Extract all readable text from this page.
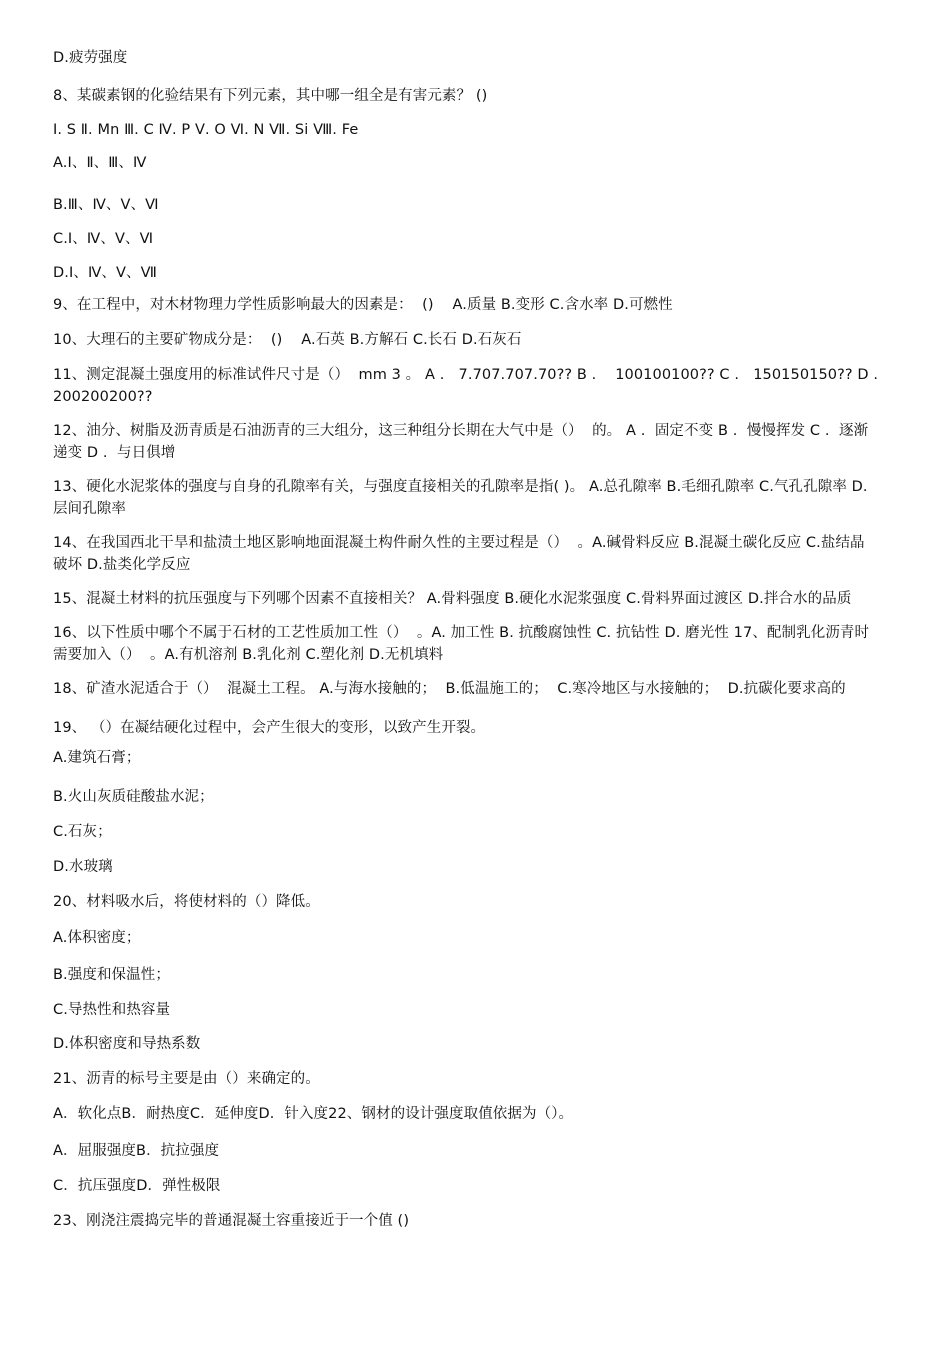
D.疲劳强度
8、某碳素钢的化验结果有下列元素，其中哪一组全是有害元素？ ()
Ⅰ. S Ⅱ. Mn Ⅲ. C Ⅳ. P Ⅴ. O Ⅵ. N Ⅶ. Si Ⅷ. Fe
A.Ⅰ、Ⅱ、Ⅲ、Ⅳ
B.Ⅲ、Ⅳ、Ⅴ、Ⅵ
C.Ⅰ、Ⅳ、Ⅴ、Ⅵ
D.Ⅰ、Ⅳ、Ⅴ、Ⅶ
9、在工程中，对木材物理力学性质影响最大的因素是：  ()    A.质量 B.变形 C.含水率 D.可燃性
10、大理石的主要矿物成分是：  ()    A.石英 B.方解石 C.长石 D.石灰石
11、测定混凝土强度用的标准试件尺寸是（）  mm 3 。 A .   7.707.707.70?? B .    100100100?? C .   150150150?? D .
200200200??
12、油分、树脂及沥青质是石油沥青的三大组分，这三种组分长期在大气中是（）  的。 A .  固定不变 B .  慢慢挥发 C .  逐渐
递变 D .  与日俱增
13、硬化水泥浆体的强度与自身的孔隙率有关，与强度直接相关的孔隙率是指( )。 A.总孔隙率 B.毛细孔隙率 C.气孔孔隙率 D.
层间孔隙率
14、在我国西北干旱和盐渍土地区影响地面混凝土构件耐久性的主要过程是（）  。A.碱骨料反应 B.混凝土碳化反应 C.盐结晶
破坏 D.盐类化学反应
15、混凝土材料的抗压强度与下列哪个因素不直接相关？ A.骨料强度 B.硬化水泥浆强度 C.骨料界面过渡区 D.拌合水的品质
16、以下性质中哪个不属于石材的工艺性质加工性（）  。A. 加工性 B. 抗酸腐蚀性 C. 抗钻性 D. 磨光性 17、配制乳化沥青时
需要加入（）  。A.有机溶剂 B.乳化剂 C.塑化剂 D.无机填料
18、矿渣水泥适合于（）  混凝土工程。 A.与海水接触的；  B.低温施工的；  C.寒冷地区与水接触的；  D.抗碳化要求高的
19、 （）在凝结硬化过程中，会产生很大的变形，以致产生开裂。
A.建筑石膏；
B.火山灰质硅酸盐水泥；
C.石灰；
D.水玻璃
20、材料吸水后，将使材料的（）降低。
A.体积密度；
B.强度和保温性；
C.导热性和热容量
D.体积密度和导热系数
21、沥青的标号主要是由（）来确定的。
A．软化点B．耐热度C．延伸度D．针入度22、钢材的设计强度取值依据为（）。
A．屈服强度B．抗拉强度
C．抗压强度D．弹性极限
23、刚浇注震捣完毕的普通混凝土容重接近于一个值 ()
